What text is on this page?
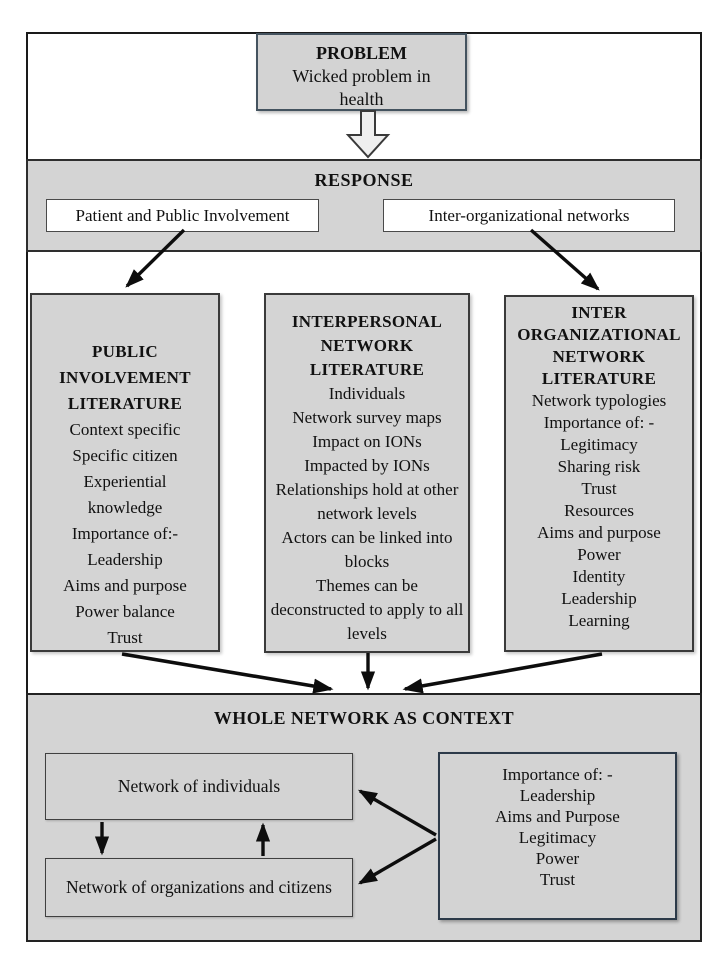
PROBLEM
Wicked problem in health
RESPONSE
Patient and Public Involvement	Inter-organizational networks
PUBLIC INVOLVEMENT LITERATURE
Context specific
Specific citizen
Experiential knowledge
Importance of:-
Leadership
Aims and purpose
Power balance
Trust
INTERPERSONAL NETWORK LITERATURE
Individuals
Network survey maps
Impact on IONs
Impacted by IONs
Relationships hold at other network levels
Actors can be linked into blocks
Themes can be deconstructed to apply to all levels
INTER ORGANIZATIONAL NETWORK LITERATURE
Network typologies
Importance of: -
Legitimacy
Sharing risk
Trust
Resources
Aims and purpose
Power
Identity
Leadership
Learning
WHOLE NETWORK AS CONTEXT
Network of individuals
Network of organizations and citizens
Importance of: -
Leadership
Aims and Purpose
Legitimacy
Power
Trust
